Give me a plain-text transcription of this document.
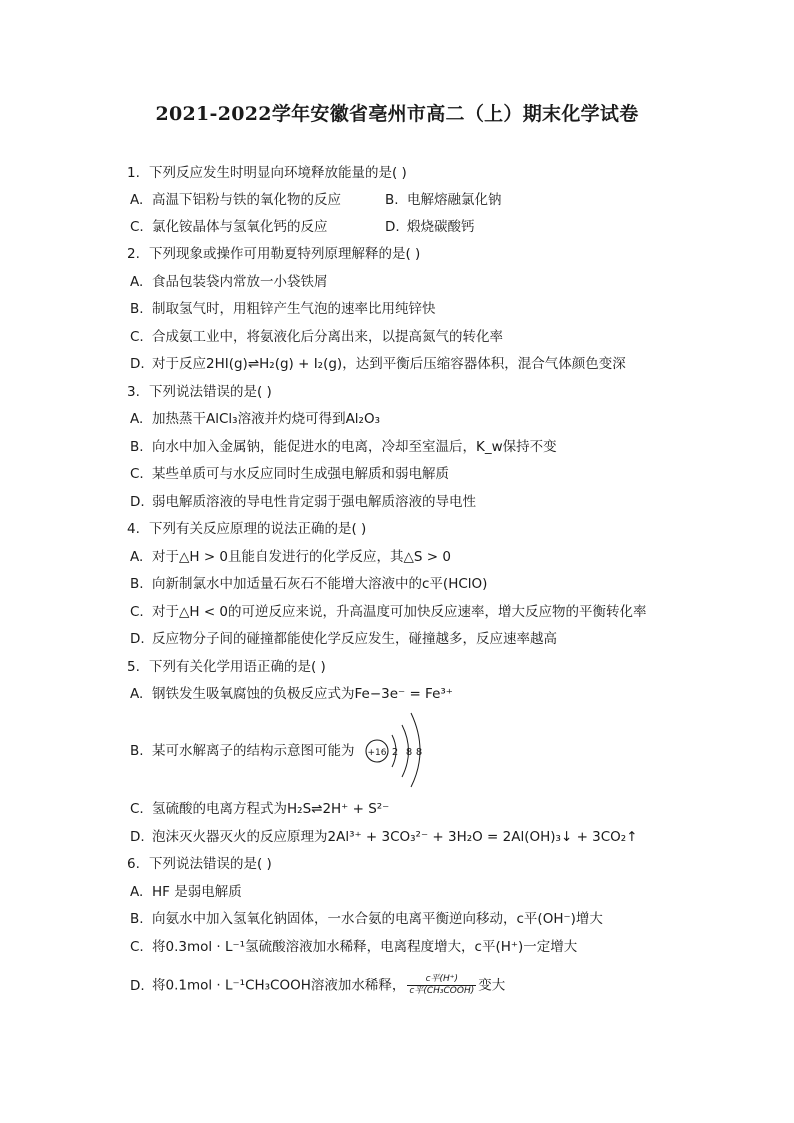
2021-2022学年安徽省亳州市高二（上）期末化学试卷
1. 下列反应发生时明显向环境释放能量的是( )
A. 高温下铝粉与铁的氧化物的反应	B. 电解熔融氯化钠
C. 氯化铵晶体与氢氧化钙的反应	D. 煅烧碳酸钙
2. 下列现象或操作可用勒夏特列原理解释的是( )
A. 食品包装袋内常放一小袋铁屑
B. 制取氢气时，用粗锌产生气泡的速率比用纯锌快
C. 合成氨工业中，将氨液化后分离出来，以提高氮气的转化率
D. 对于反应2HI(g)⇌H₂(g) + I₂(g)，达到平衡后压缩容器体积，混合气体颜色变深
3. 下列说法错误的是( )
A. 加热蒸干AlCl₃溶液并灼烧可得到Al₂O₃
B. 向水中加入金属钠，能促进水的电离，冷却至室温后，K_w保持不变
C. 某些单质可与水反应同时生成强电解质和弱电解质
D. 弱电解质溶液的导电性肯定弱于强电解质溶液的导电性
4. 下列有关反应原理的说法正确的是( )
A. 对于△H > 0且能自发进行的化学反应，其△S > 0
B. 向新制氯水中加适量石灰石不能增大溶液中的c平(HClO)
C. 对于△H < 0的可逆反应来说，升高温度可加快反应速率，增大反应物的平衡转化率
D. 反应物分子间的碰撞都能使化学反应发生，碰撞越多，反应速率越高
5. 下列有关化学用语正确的是( )
A. 钢铁发生吸氧腐蚀的负极反应式为Fe−3e⁻ = Fe³⁺
B. 某可水解离子的结构示意图可能为 +16 2 8 8
C. 氢硫酸的电离方程式为H₂S⇌2H⁺ + S²⁻
D. 泡沫灭火器灭火的反应原理为2Al³⁺ + 3CO₃²⁻ + 3H₂O = 2Al(OH)₃↓ + 3CO₂↑
6. 下列说法错误的是( )
A. HF 是弱电解质
B. 向氨水中加入氢氧化钠固体，一水合氨的电离平衡逆向移动，c平(OH⁻)增大
C. 将0.3mol · L⁻¹氢硫酸溶液加水稀释，电离程度增大，c平(H⁺)一定增大
D. 将0.1mol · L⁻¹CH₃COOH溶液加水稀释， $\frac{\text{c平(H⁺)}}{\text{c平(CH₃COOH)}}$ 变大
